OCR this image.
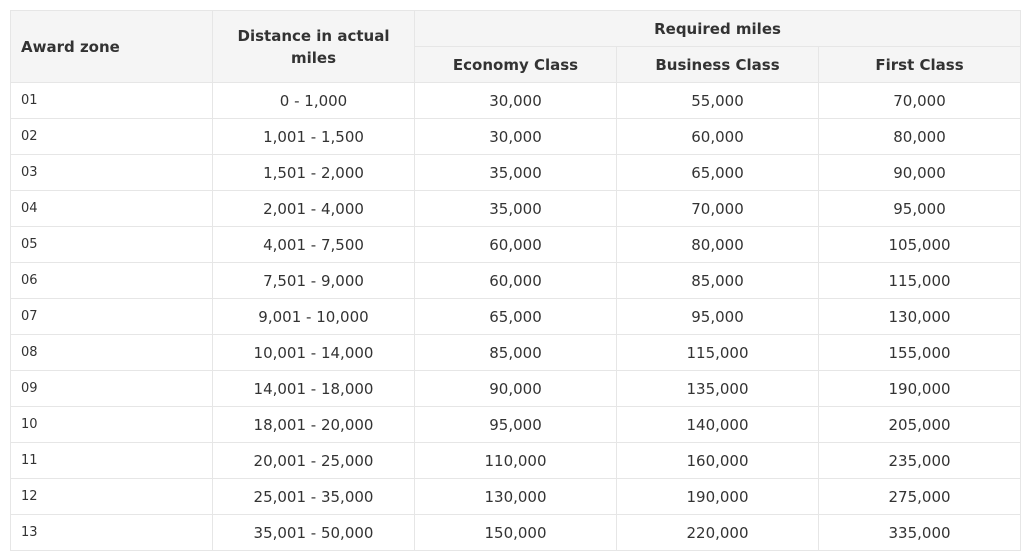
Award zone	Distance in actual miles	Required miles		
		Economy Class	Business Class	First Class
01	0 - 1,000	30,000	55,000	70,000
02	1,001 - 1,500	30,000	60,000	80,000
03	1,501 - 2,000	35,000	65,000	90,000
04	2,001 - 4,000	35,000	70,000	95,000
05	4,001 - 7,500	60,000	80,000	105,000
06	7,501 - 9,000	60,000	85,000	115,000
07	9,001 - 10,000	65,000	95,000	130,000
08	10,001 - 14,000	85,000	115,000	155,000
09	14,001 - 18,000	90,000	135,000	190,000
10	18,001 - 20,000	95,000	140,000	205,000
11	20,001 - 25,000	110,000	160,000	235,000
12	25,001 - 35,000	130,000	190,000	275,000
13	35,001 - 50,000	150,000	220,000	335,000
